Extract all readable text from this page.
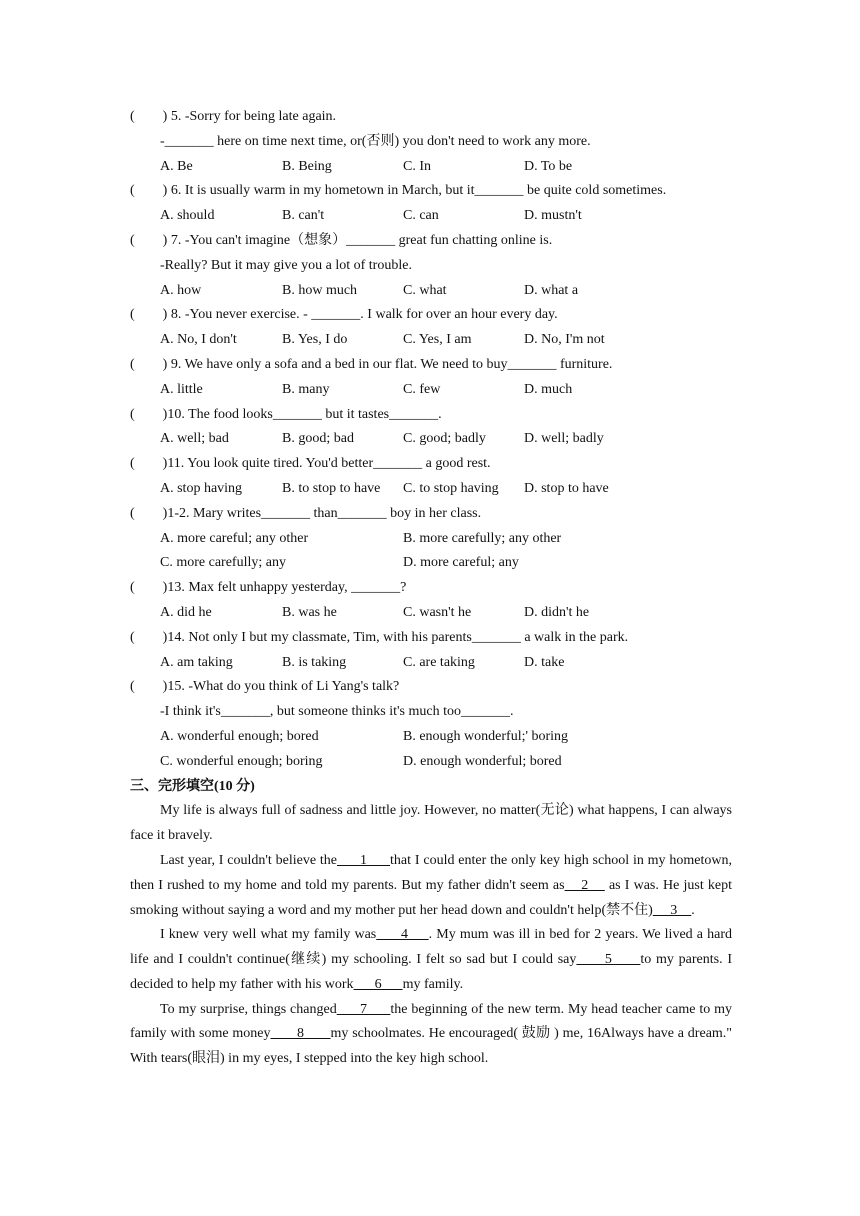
(        ) 5. -Sorry for being late again.
-_______ here on time next time, or(否则) you don't need to work any more.

A. Be

	B. Being

	C. In

	D. To be

(        ) 6. It is usually warm in my hometown in March, but it_______ be quite cold sometimes.

A. should

	B. can't

	C. can

	D. mustn't

(        ) 7. -You can't imagine（想象）_______ great fun chatting online is.
-Really? But it may give you a lot of trouble.

A. how

	B. how much

	C. what

	D. what a

(        ) 8. -You never exercise. - _______. I walk for over an hour every day.

A. No, I don't

	B. Yes, I do

	C. Yes, I am

	D. No, I'm not

(        ) 9. We have only a sofa and a bed in our flat. We need to buy_______ furniture.

A. little

	B. many

	C. few

	D. much

(        )10. The food looks_______ but it tastes_______.

A. well; bad

	B. good; bad

	C. good; badly

	D. well; badly

(        )11. You look quite tired. You'd better_______ a good rest.

A. stop having

	B. to stop to have

C. to stop having

D. stop to have

(        )1-2. Mary writes_______ than_______ boy in her class.

A. more careful; any other

	B. more carefully; any other

C. more carefully; any

	D. more careful; any

(        )13. Max felt unhappy yesterday, _______?

A. did he

	B. was he

	C. wasn't he

	D. didn't he

(        )14. Not only I but my classmate, Tim, with his parents_______ a walk in the park.

A. am taking

	B. is taking

	C. are taking

	D. take

(        )15. -What do you think of Li Yang's talk?
-I think it's_______, but someone thinks it's much too_______.

A. wonderful enough; bored

	B. enough wonderful;' boring

C. wonderful enough; boring

	D. enough wonderful; bored

三、完形填空(10 分)

My life is always full of sadness and little joy. However, no matter(无论) what happens, I can always face it bravely.

Last year, I couldn't believe the      1      that I could enter the only key high school in my hometown, then I rushed to my home and told my parents. But my father didn't seem as    2     as I was. He just kept smoking without saying a word and my mother put her head down and couldn't help(禁不住)     3    .

I knew very well what my family was      4     . My mum was ill in bed for 2 years. We lived a hard life and I couldn't continue(继续) my schooling. I felt so sad but I could say      5      to my parents. I decided to help my father with his work      6      my family.

To my surprise, things changed      7      the beginning of the new term. My head teacher came to my family with some money       8       my schoolmates. He encouraged( 鼓励 ) me, 16Always have a dream." With tears(眼泪) in my eyes, I stepped into the key high school.
